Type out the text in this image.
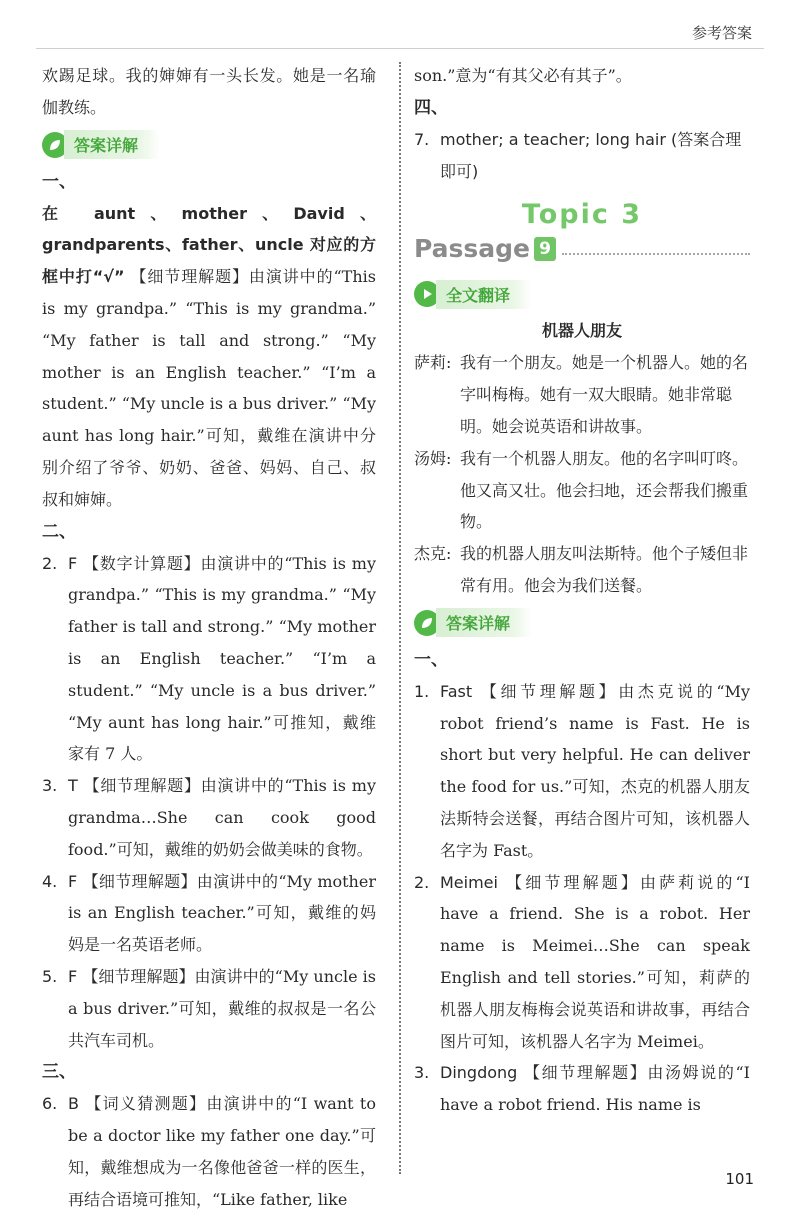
参考答案

欢踢足球。我的婶婶有一头长发。她是一名瑜伽教练。

答案详解
一、

在 aunt、mother、David、grandparents、father、uncle 对应的方框中打“√” 【细节理解题】由演讲中的“This is my grandpa.” “This is my grandma.” “My father is tall and strong.” “My mother is an English teacher.” “I’m a student.” “My uncle is a bus driver.” “My aunt has long hair.”可知，戴维在演讲中分别介绍了爷爷、奶奶、爸爸、妈妈、自己、叔叔和婶婶。

二、
2. F 【数字计算题】由演讲中的“This is my grandpa.” “This is my grandma.” “My father is tall and strong.” “My mother is an English teacher.” “I’m a student.” “My uncle is a bus driver.” “My aunt has long hair.”可推知，戴维家有 7 人。

3. T 【细节理解题】由演讲中的“This is my grandma…She can cook good food.”可知，戴维的奶奶会做美味的食物。

4. F 【细节理解题】由演讲中的“My mother is an English teacher.”可知，戴维的妈妈是一名英语老师。

5. F 【细节理解题】由演讲中的“My uncle is a bus driver.”可知，戴维的叔叔是一名公共汽车司机。

三、
6. B 【词义猜测题】由演讲中的“I want to be a doctor like my father one day.”可知，戴维想成为一名像他爸爸一样的医生，再结合语境可推知，“Like father, like

son.”意为“有其父必有其子”。

四、
7. mother; a teacher; long hair (答案合理即可)

Topic 3
Passage 9
全文翻译
机器人朋友
萨莉: 我有一个朋友。她是一个机器人。她的名字叫梅梅。她有一双大眼睛。她非常聪明。她会说英语和讲故事。

汤姆: 我有一个机器人朋友。他的名字叫叮咚。他又高又壮。他会扫地，还会帮我们搬重物。

杰克: 我的机器人朋友叫法斯特。他个子矮但非常有用。他会为我们送餐。

答案详解
一、
1. Fast 【细节理解题】由杰克说的“My robot friend’s name is Fast. He is short but very helpful. He can deliver the food for us.”可知，杰克的机器人朋友法斯特会送餐，再结合图片可知，该机器人名字为 Fast。

2. Meimei 【细节理解题】由萨莉说的“I have a friend. She is a robot. Her name is Meimei…She can speak English and tell stories.”可知，莉萨的机器人朋友梅梅会说英语和讲故事，再结合图片可知，该机器人名字为 Meimei。

3. Dingdong 【细节理解题】由汤姆说的“I have a robot friend. His name is

101
